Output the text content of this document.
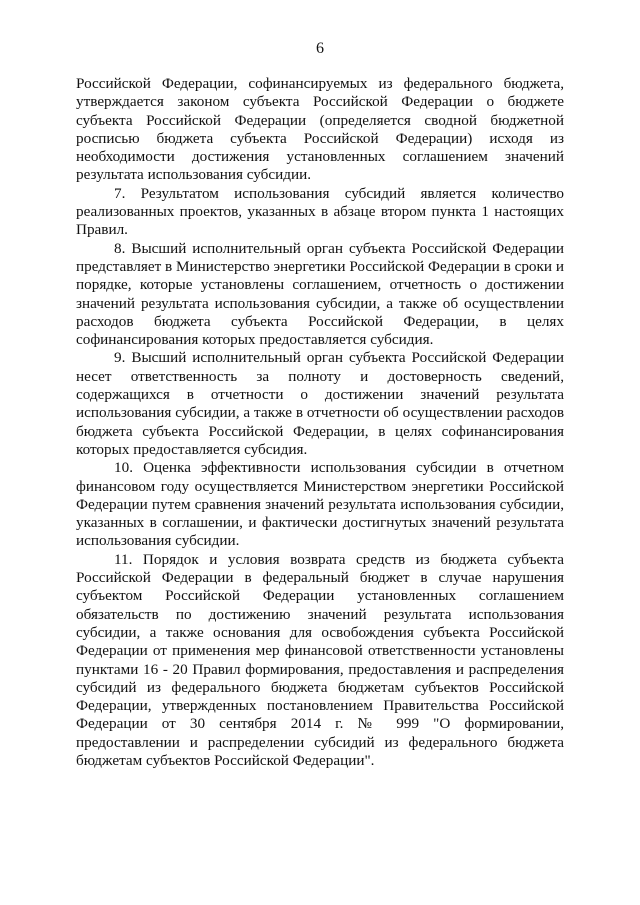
6

Российской Федерации, софинансируемых из федерального бюджета, утверждается законом субъекта Российской Федерации о бюджете субъекта Российской Федерации (определяется сводной бюджетной росписью бюджета субъекта Российской Федерации) исходя из необходимости достижения установленных соглашением значений результата использования субсидии.

7. Результатом использования субсидий является количество реализованных проектов, указанных в абзаце втором пункта 1 настоящих Правил.

8. Высший исполнительный орган субъекта Российской Федерации представляет в Министерство энергетики Российской Федерации в сроки и порядке, которые установлены соглашением, отчетность о достижении значений результата использования субсидии, а также об осуществлении расходов бюджета субъекта Российской Федерации, в целях софинансирования которых предоставляется субсидия.

9. Высший исполнительный орган субъекта Российской Федерации несет ответственность за полноту и достоверность сведений, содержащихся в отчетности о достижении значений результата использования субсидии, а также в отчетности об осуществлении расходов бюджета субъекта Российской Федерации, в целях софинансирования которых предоставляется субсидия.

10. Оценка эффективности использования субсидии в отчетном финансовом году осуществляется Министерством энергетики Российской Федерации путем сравнения значений результата использования субсидии, указанных в соглашении, и фактически достигнутых значений результата использования субсидии.

11. Порядок и условия возврата средств из бюджета субъекта Российской Федерации в федеральный бюджет в случае нарушения субъектом Российской Федерации установленных соглашением обязательств по достижению значений результата использования субсидии, а также основания для освобождения субъекта Российской Федерации от применения мер финансовой ответственности установлены пунктами 16 - 20 Правил формирования, предоставления и распределения субсидий из федерального бюджета бюджетам субъектов Российской Федерации, утвержденных постановлением Правительства Российской Федерации от 30 сентября 2014 г. № 999 "О формировании, предоставлении и распределении субсидий из федерального бюджета бюджетам субъектов Российской Федерации".
